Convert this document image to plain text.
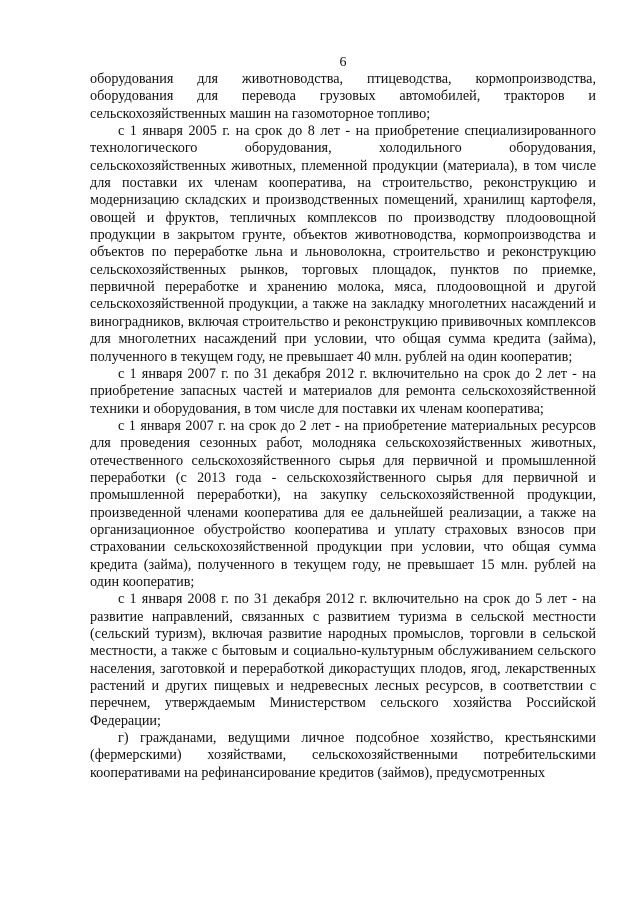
6

оборудования для животноводства, птицеводства, кормопроизводства, оборудования для перевода грузовых автомобилей, тракторов и сельскохозяйственных машин на газомоторное топливо;

с 1 января 2005 г. на срок до 8 лет - на приобретение специализированного технологического оборудования, холодильного оборудования, сельскохозяйственных животных, племенной продукции (материала), в том числе для поставки их членам кооператива, на строительство, реконструкцию и модернизацию складских и производственных помещений, хранилищ картофеля, овощей и фруктов, тепличных комплексов по производству плодоовощной продукции в закрытом грунте, объектов животноводства, кормопроизводства и объектов по переработке льна и льноволокна, строительство и реконструкцию сельскохозяйственных рынков, торговых площадок, пунктов по приемке, первичной переработке и хранению молока, мяса, плодоовощной и другой сельскохозяйственной продукции, а также на закладку многолетних насаждений и виноградников, включая строительство и реконструкцию прививочных комплексов для многолетних насаждений при условии, что общая сумма кредита (займа), полученного в текущем году, не превышает 40 млн. рублей на один кооператив;

с 1 января 2007 г. по 31 декабря 2012 г. включительно на срок до 2 лет - на приобретение запасных частей и материалов для ремонта сельскохозяйственной техники и оборудования, в том числе для поставки их членам кооператива;

с 1 января 2007 г. на срок до 2 лет - на приобретение материальных ресурсов для проведения сезонных работ, молодняка сельскохозяйственных животных, отечественного сельскохозяйственного сырья для первичной и промышленной переработки (с 2013 года - сельскохозяйственного сырья для первичной и промышленной переработки), на закупку сельскохозяйственной продукции, произведенной членами кооператива для ее дальнейшей реализации, а также на организационное обустройство кооператива и уплату страховых взносов при страховании сельскохозяйственной продукции при условии, что общая сумма кредита (займа), полученного в текущем году, не превышает 15 млн. рублей на один кооператив;

с 1 января 2008 г. по 31 декабря 2012 г. включительно на срок до 5 лет - на развитие направлений, связанных с развитием туризма в сельской местности (сельский туризм), включая развитие народных промыслов, торговли в сельской местности, а также с бытовым и социально-культурным обслуживанием сельского населения, заготовкой и переработкой дикорастущих плодов, ягод, лекарственных растений и других пищевых и недревесных лесных ресурсов, в соответствии с перечнем, утверждаемым Министерством сельского хозяйства Российской Федерации;

г) гражданами, ведущими личное подсобное хозяйство, крестьянскими (фермерскими) хозяйствами, сельскохозяйственными потребительскими кооперативами на рефинансирование кредитов (займов), предусмотренных
